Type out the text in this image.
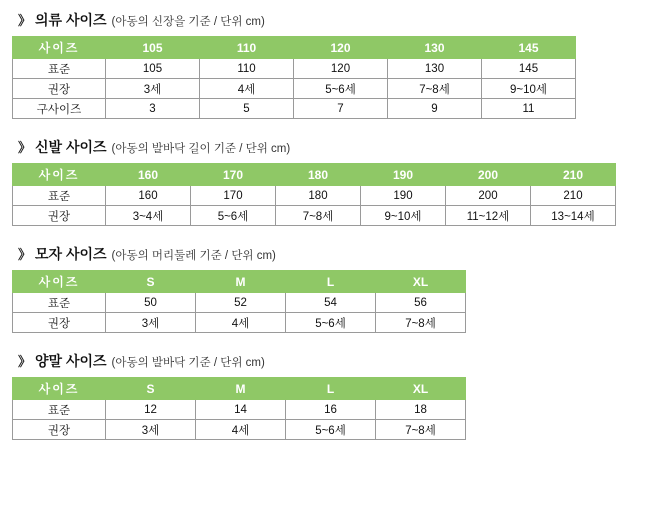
》 의류 사이즈 (아동의 신장을 기준 / 단위 cm)
사이즈	105	110	120	130	145
표준	105	110	120	130	145
권장	3세	4세	5~6세	7~8세	9~10세
구사이즈	3	5	7	9	11
》 신발 사이즈 (아동의 발바닥 길이 기준 / 단위 cm)
사이즈	160	170	180	190	200	210
표준	160	170	180	190	200	210
권장	3~4세	5~6세	7~8세	9~10세	11~12세	13~14세
》 모자 사이즈 (아동의 머리둘레 기준 / 단위 cm)
사이즈	S	M	L	XL
표준	50	52	54	56
권장	3세	4세	5~6세	7~8세
》 양말 사이즈 (아동의 발바닥 기준 / 단위 cm)
사이즈	S	M	L	XL
표준	12	14	16	18
권장	3세	4세	5~6세	7~8세
